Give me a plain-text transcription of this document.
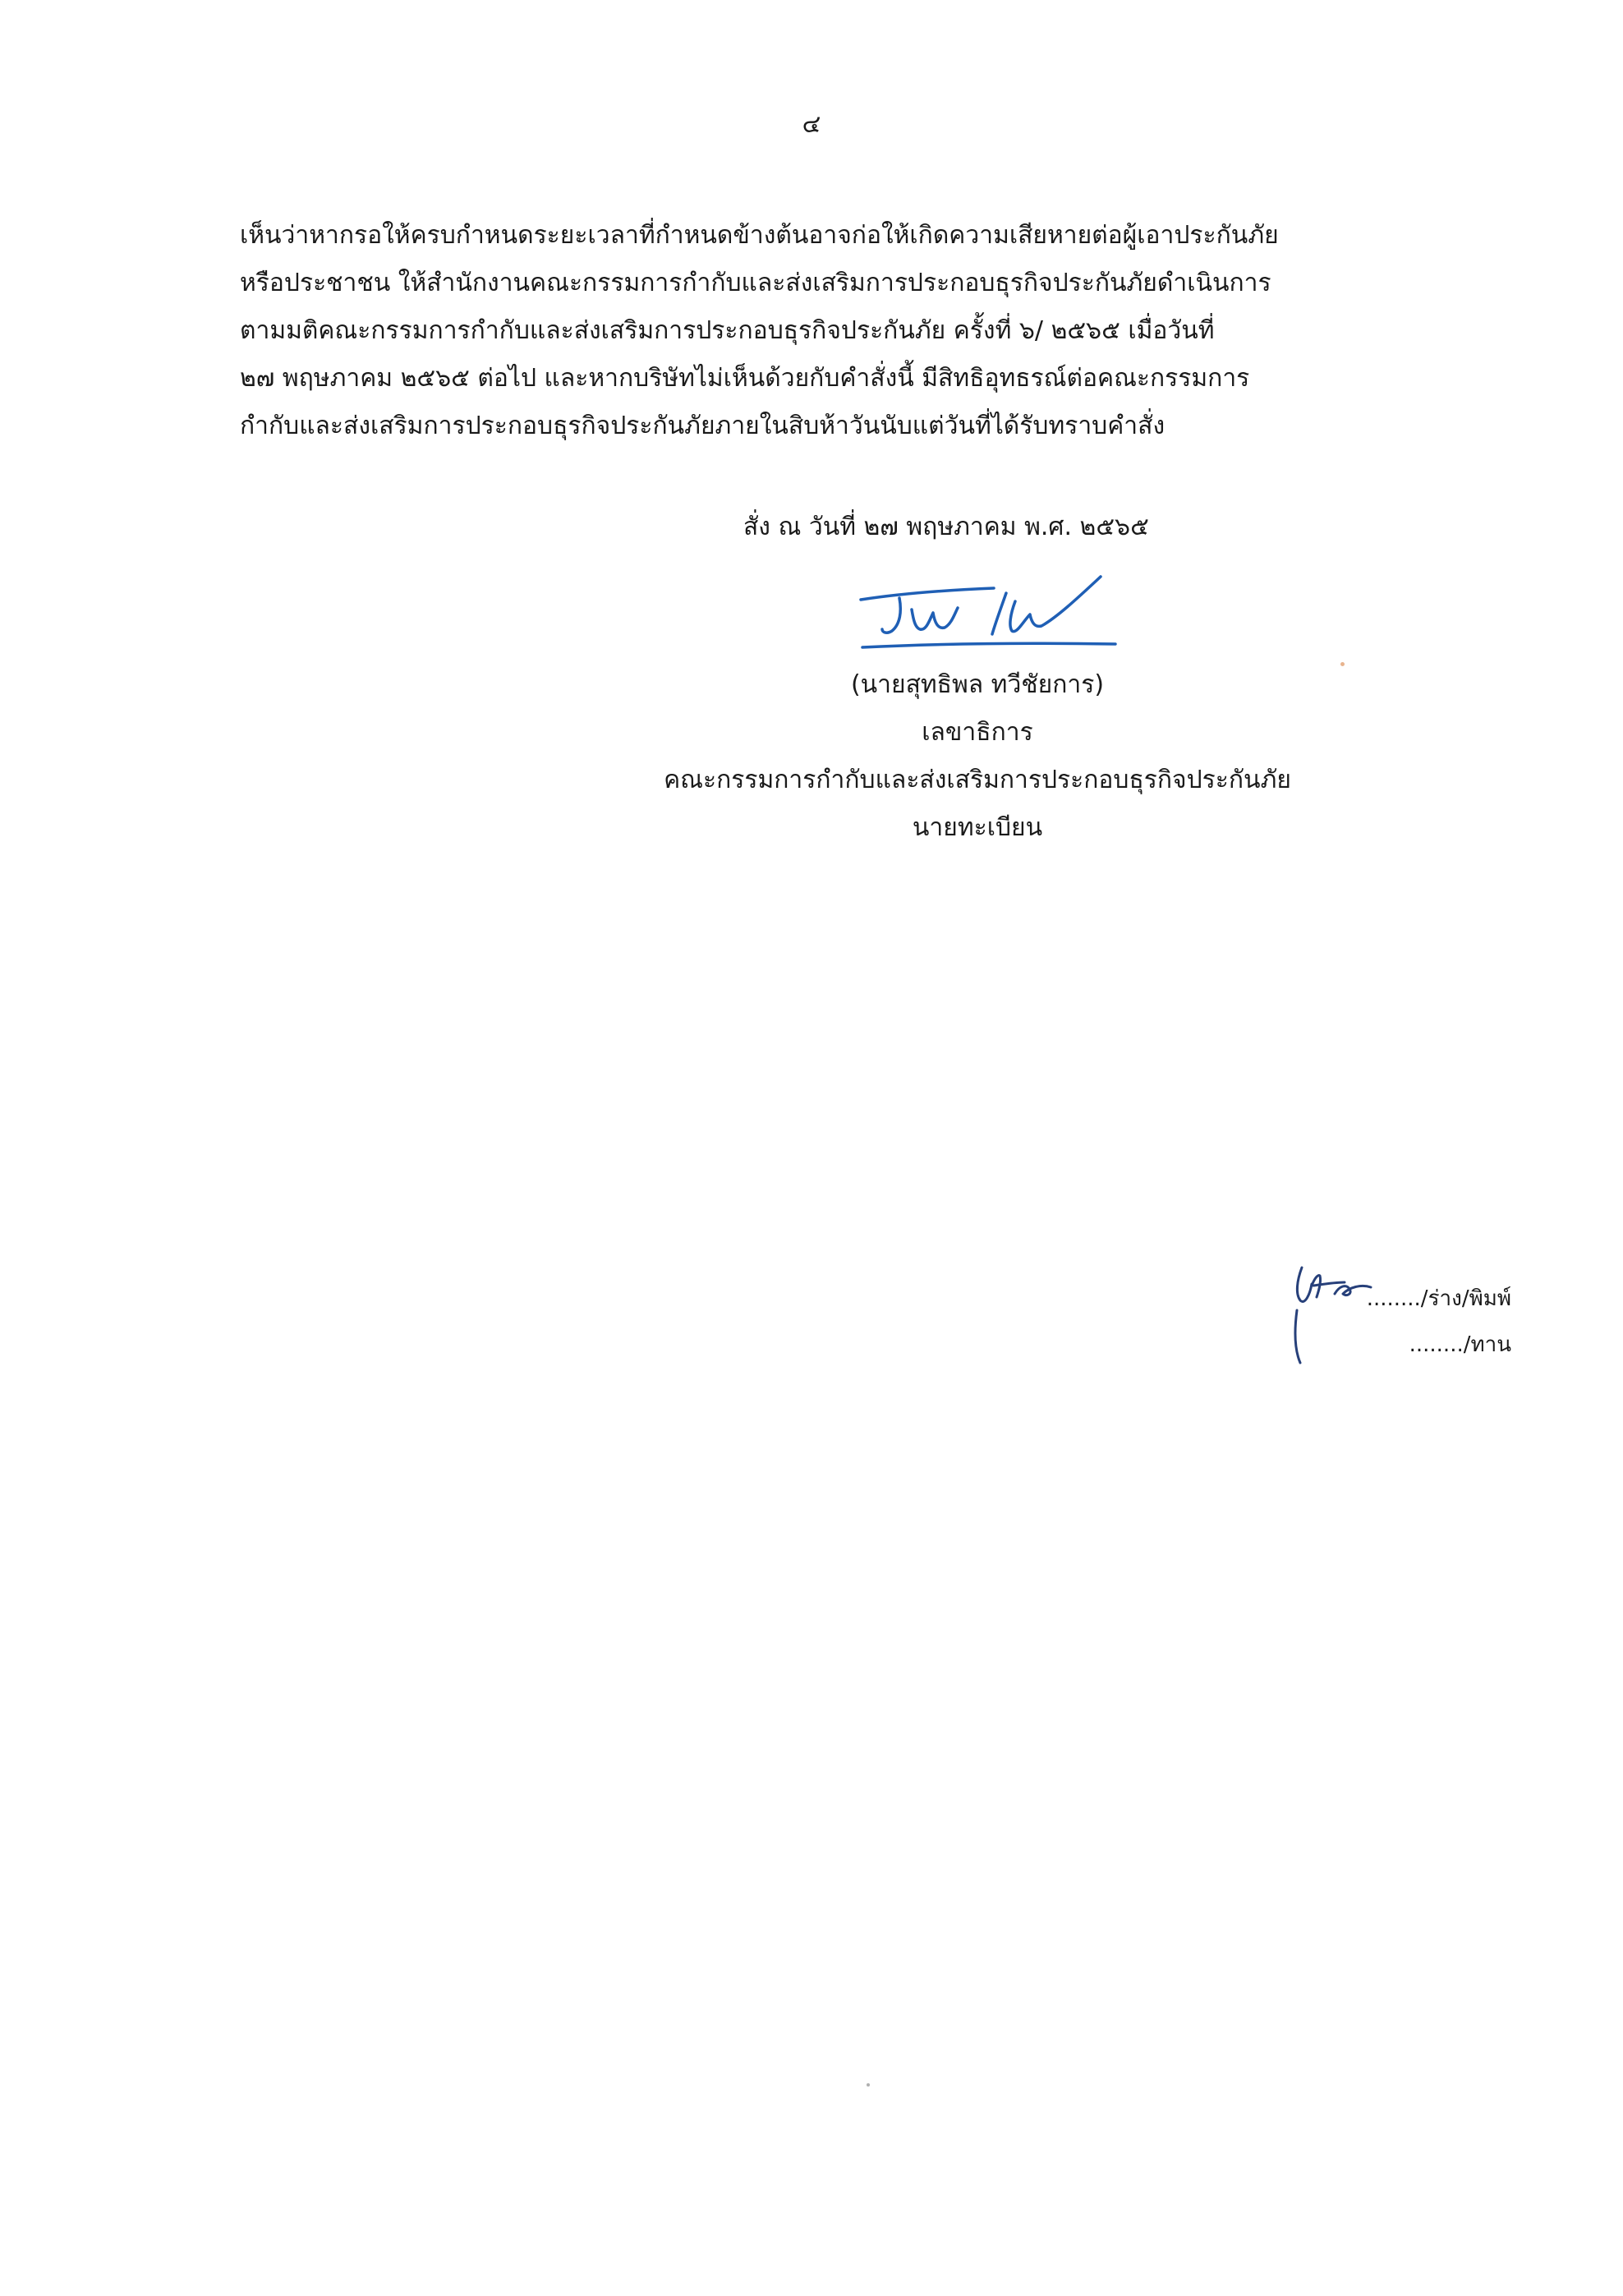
๔
เห็นว่าหากรอให้ครบกำหนดระยะเวลาที่กำหนดข้างต้นอาจก่อให้เกิดความเสียหายต่อผู้เอาประกันภัย
หรือประชาชน ให้สำนักงานคณะกรรมการกำกับและส่งเสริมการประกอบธุรกิจประกันภัยดำเนินการ
ตามมติคณะกรรมการกำกับและส่งเสริมการประกอบธุรกิจประกันภัย ครั้งที่ ๖/ ๒๕๖๕ เมื่อวันที่
๒๗ พฤษภาคม ๒๕๖๕ ต่อไป และหากบริษัทไม่เห็นด้วยกับคำสั่งนี้ มีสิทธิอุทธรณ์ต่อคณะกรรมการ
กำกับและส่งเสริมการประกอบธุรกิจประกันภัยภายในสิบห้าวันนับแต่วันที่ได้รับทราบคำสั่ง
สั่ง ณ วันที่ ๒๗ พฤษภาคม พ.ศ. ๒๕๖๕
(นายสุทธิพล ทวีชัยการ)
เลขาธิการ
คณะกรรมการกำกับและส่งเสริมการประกอบธุรกิจประกันภัย
นายทะเบียน
......../ร่าง/พิมพ์
......../ทาน
